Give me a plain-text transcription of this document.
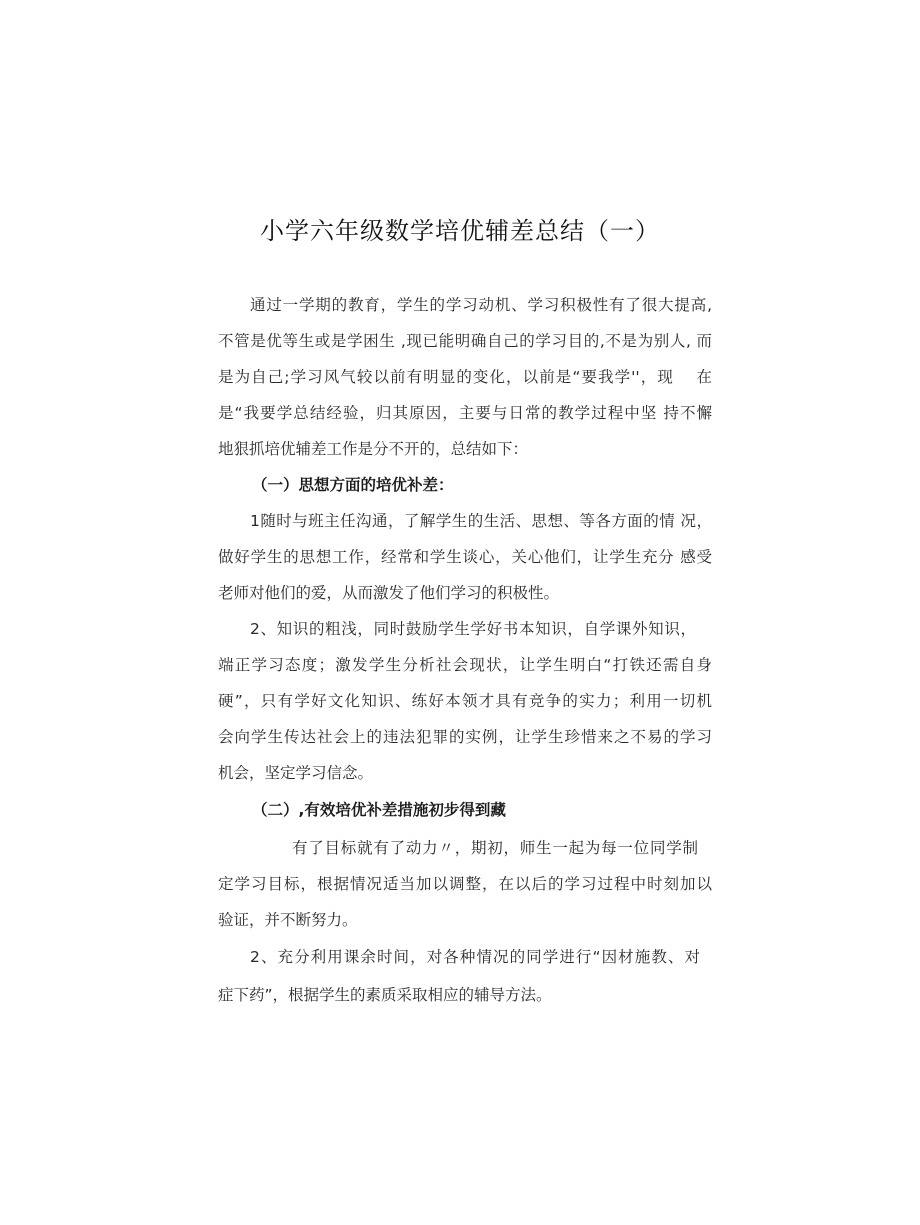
小学六年级数学培优辅差总结（一）
通过一学期的教育，学生的学习动机、学习积极性有了很大提高,
不管是优等生或是学困生 ,现已能明确自己的学习目的,不是为别人, 而
是为自己;学习风气较以前有明显的变化，以前是“要我学''，现　 在
是“我要学总结经验，归其原因，主要与日常的教学过程中坚 持不懈
地狠抓培优辅差工作是分不开的，总结如下：
（一）思想方面的培优补差：
1随时与班主任沟通，了解学生的生活、思想、等各方面的情 况，
做好学生的思想工作，经常和学生谈心，关心他们，让学生充分 感受
老师对他们的爱，从而激发了他们学习的积极性。
2、知识的粗浅，同时鼓励学生学好书本知识，自学课外知识，
端正学习态度；激发学生分析社会现状，让学生明白“打铁还需自身
硬”，只有学好文化知识、练好本领才具有竞争的实力；利用一切机
会向学生传达社会上的违法犯罪的实例，让学生珍惜来之不易的学习
机会，坚定学习信念。
（二）,有效培优补差措施初步得到藏
有了目标就有了动力〃，期初，师生一起为每一位同学制
定学习目标，根据情况适当加以调整，在以后的学习过程中时刻加以
验证，并不断努力。
2、充分利用课余时间，对各种情况的同学进行“因材施教、对
症下药”，根据学生的素质采取相应的辅导方法。
